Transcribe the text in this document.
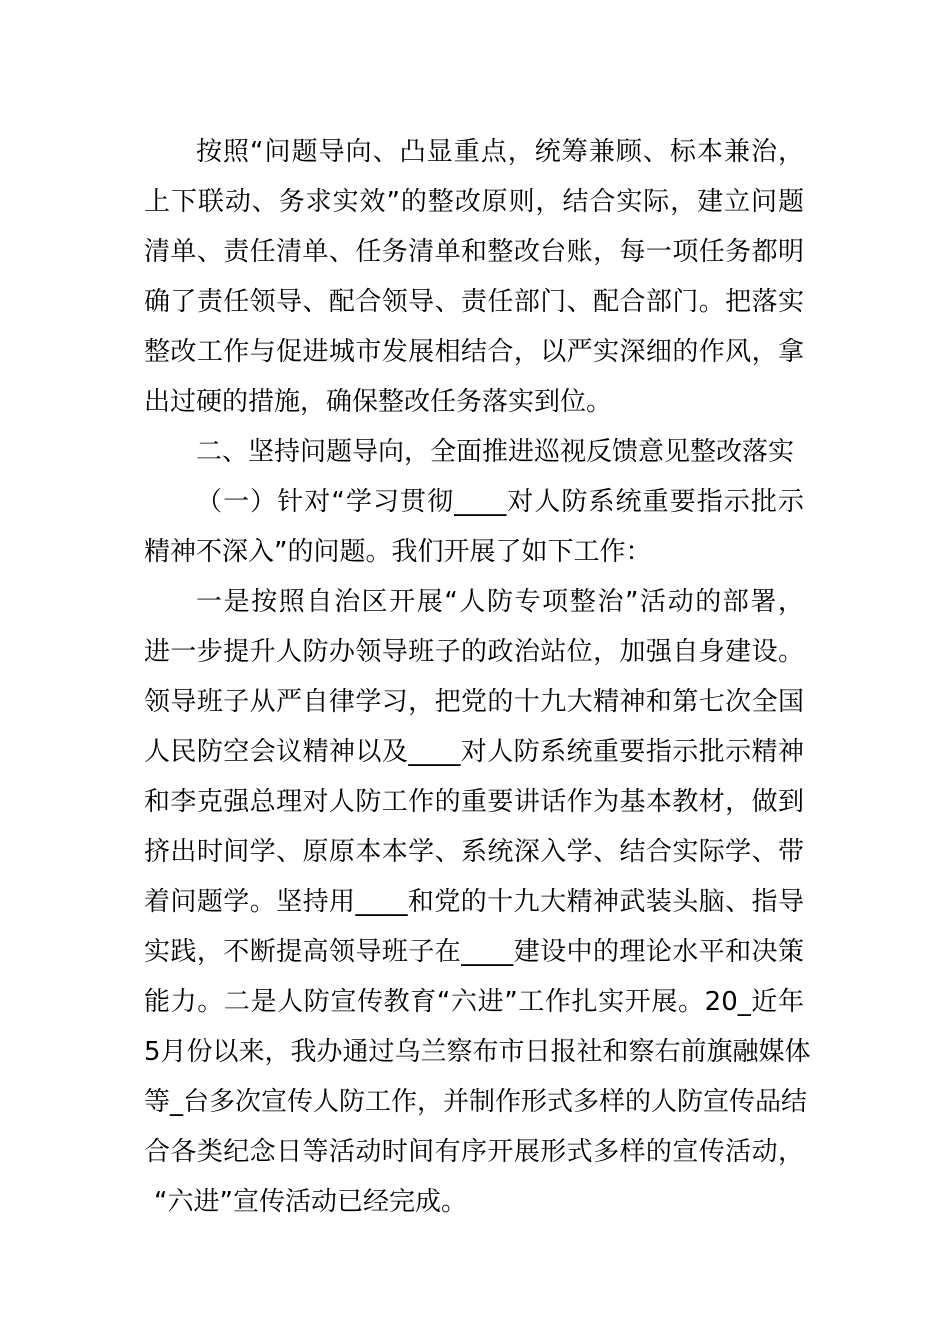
按照“问题导向、凸显重点，统筹兼顾、标本兼治，

上下联动、务求实效”的整改原则，结合实际，建立问题

清单、责任清单、任务清单和整改台账，每一项任务都明

确了责任领导、配合领导、责任部门、配合部门。把落实

整改工作与促进城市发展相结合，以严实深细的作风，拿

出过硬的措施，确保整改任务落实到位。

二、坚持问题导向，全面推进巡视反馈意见整改落实

（一）针对“学习贯彻____对人防系统重要指示批示

精神不深入”的问题。我们开展了如下工作：

一是按照自治区开展“人防专项整治”活动的部署，

进一步提升人防办领导班子的政治站位，加强自身建设。

领导班子从严自律学习，把党的十九大精神和第七次全国

人民防空会议精神以及____对人防系统重要指示批示精神

和李克强总理对人防工作的重要讲话作为基本教材，做到

挤出时间学、原原本本学、系统深入学、结合实际学、带

着问题学。坚持用____和党的十九大精神武装头脑、指导

实践，不断提高领导班子在____建设中的理论水平和决策

能力。二是人防宣传教育“六进”工作扎实开展。20_近年

5月份以来，我办通过乌兰察布市日报社和察右前旗融媒体

等_台多次宣传人防工作，并制作形式多样的人防宣传品结

合各类纪念日等活动时间有序开展形式多样的宣传活动，

“六进”宣传活动已经完成。
